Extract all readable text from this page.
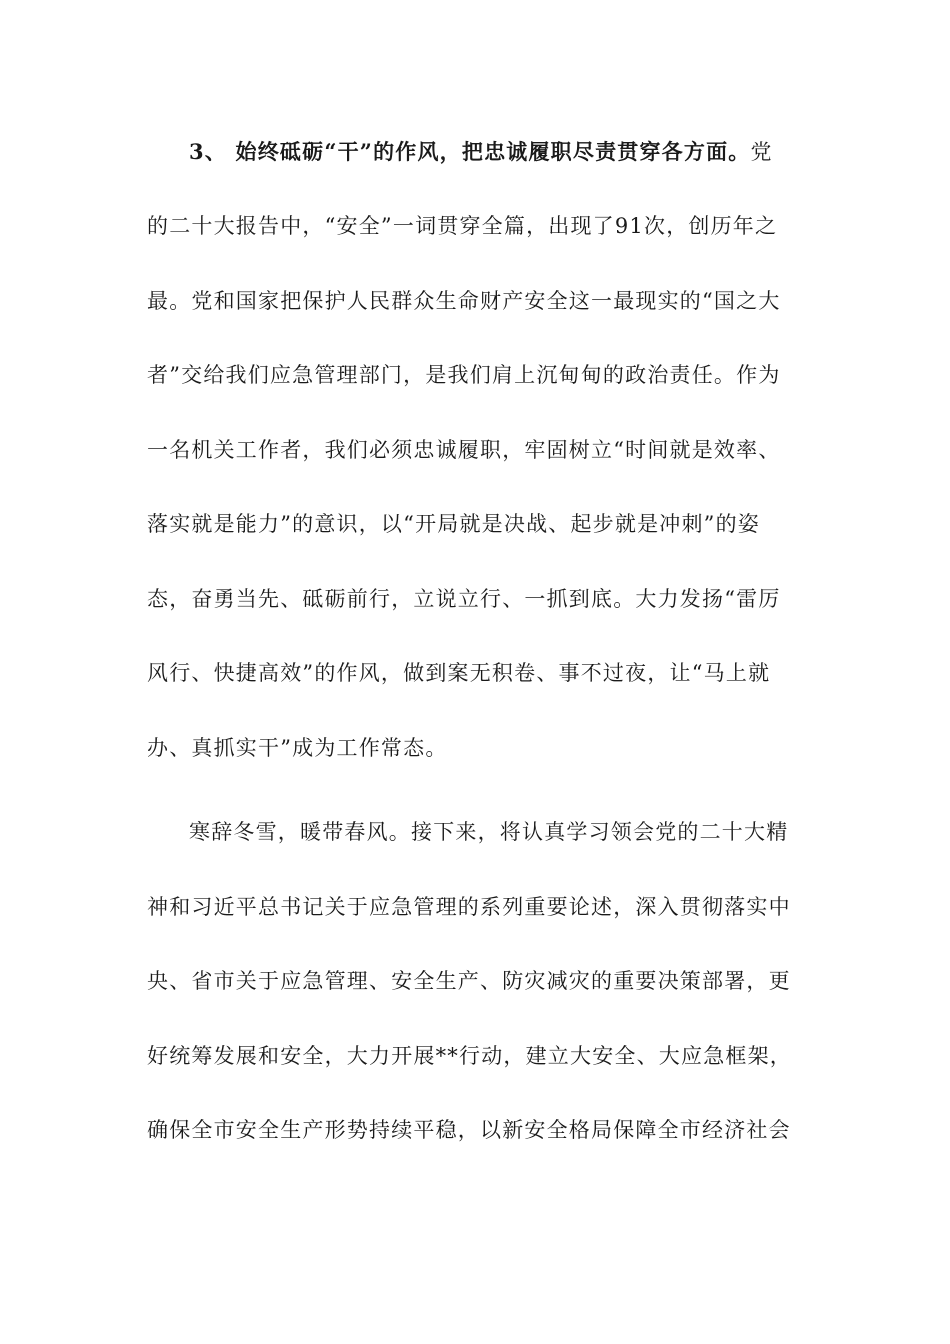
3、 始终砥砺“干”的作风，把忠诚履职尽责贯穿各方面。党
的二十大报告中，“安全”一词贯穿全篇，出现了91次，创历年之
最。党和国家把保护人民群众生命财产安全这一最现实的“国之大
者”交给我们应急管理部门，是我们肩上沉甸甸的政治责任。作为
一名机关工作者，我们必须忠诚履职，牢固树立“时间就是效率、
落实就是能力”的意识，以“开局就是决战、起步就是冲刺”的姿
态，奋勇当先、砥砺前行，立说立行、一抓到底。大力发扬“雷厉
风行、快捷高效”的作风，做到案无积卷、事不过夜，让“马上就
办、真抓实干”成为工作常态。
寒辞冬雪，暖带春风。接下来，将认真学习领会党的二十大精
神和习近平总书记关于应急管理的系列重要论述，深入贯彻落实中
央、省市关于应急管理、安全生产、防灾减灾的重要决策部署，更
好统筹发展和安全，大力开展**行动，建立大安全、大应急框架，
确保全市安全生产形势持续平稳，以新安全格局保障全市经济社会
